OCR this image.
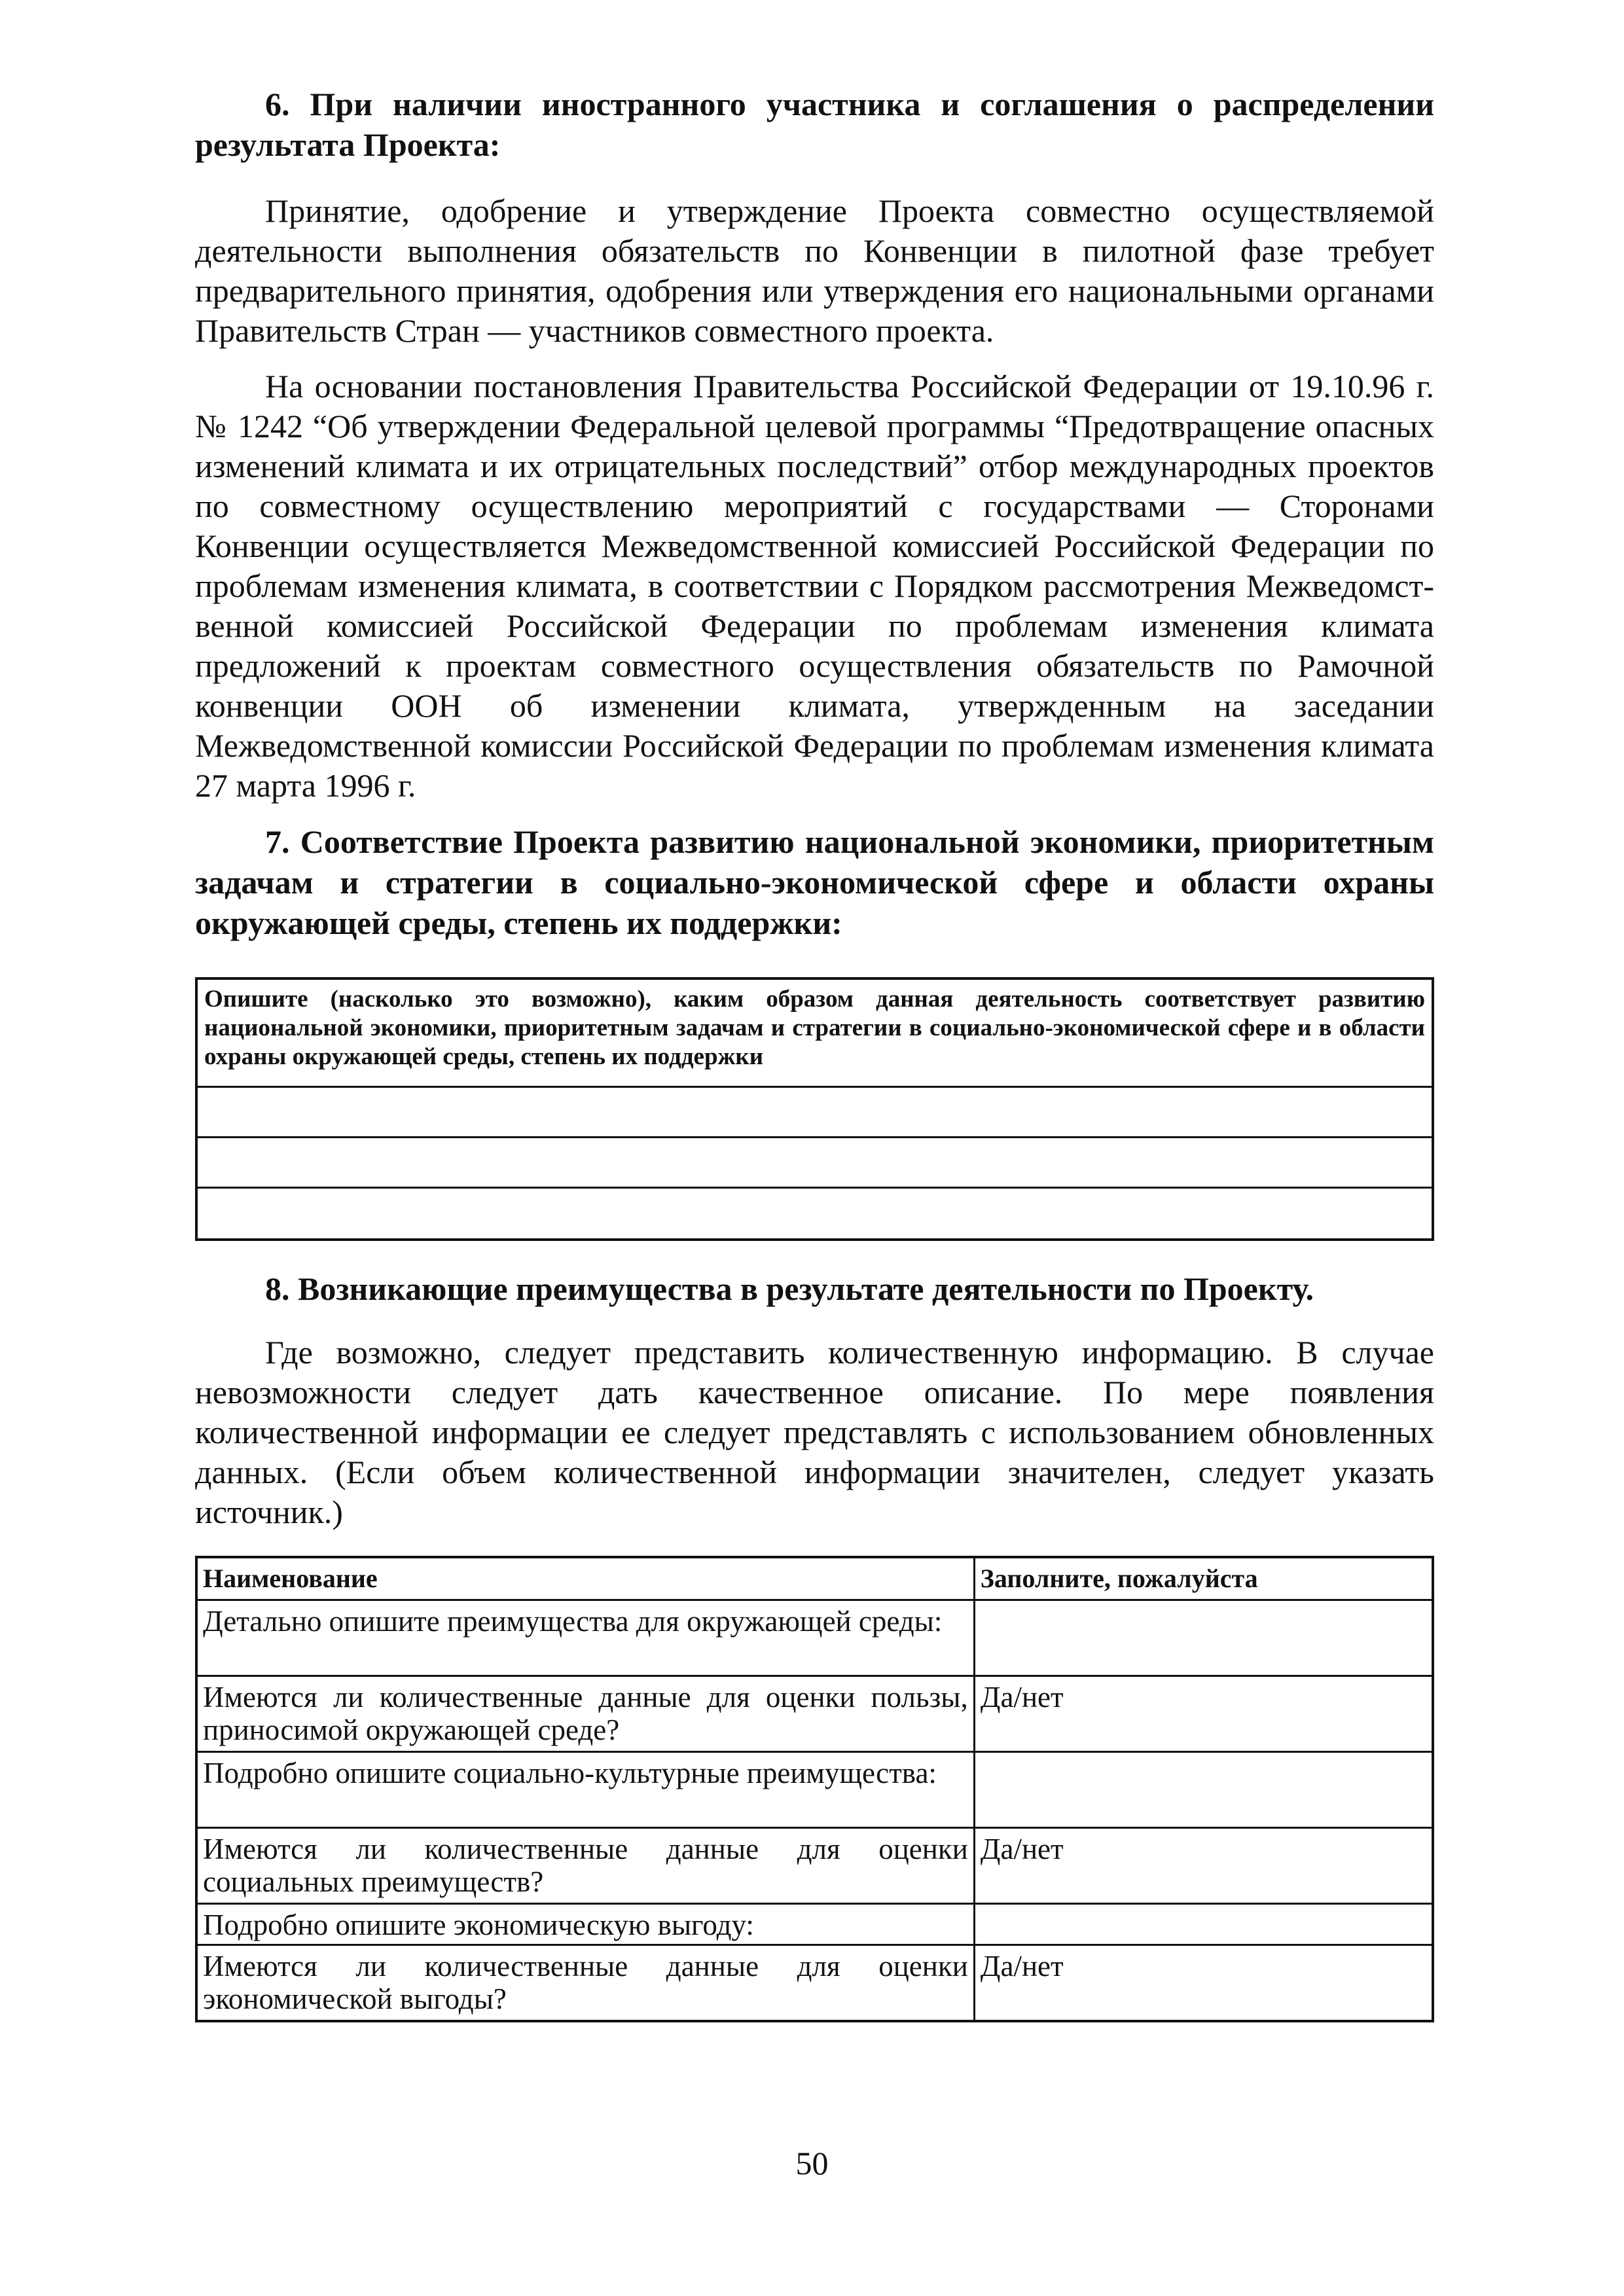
6. При наличии иностранного участника и соглашения о распределении результата Проекта:

Принятие, одобрение и утверждение Проекта совместно осуществляемой деятельности выполнения обязательств по Конвенции в пилотной фазе требует предварительного принятия, одобрения или утверждения его национальными органами Правительств Стран — участников совместного проекта.

На основании постановления Правительства Российской Федерации от 19.10.96 г. № 1242 “Об утверждении Федеральной целевой программы “Предотвращение опасных изменений климата и их отрицательных последствий” отбор международных проектов по совместному осуществлению мероприятий с государствами — Сторонами Конвенции осуществляется Межведомственной комиссией Российской Федерации по проблемам изменения климата, в соответствии с Порядком рассмотрения Межведомственной комиссией Российской Федерации по проблемам изменения климата предложений к проектам совместного осуществления обязательств по Рамочной конвенции ООН об изменении климата, утвержденным на заседании Межведомственной комиссии Российской Федерации по проблемам изменения климата 27 марта 1996 г.

7. Соответствие Проекта развитию национальной экономики, приоритетным задачам и стратегии в социально-экономической сфере и области охраны окружающей среды, степень их поддержки:

Опишите (насколько это возможно), каким образом данная деятельность соответствует развитию национальной экономики, приоритетным задачам и стратегии в социально-экономической сфере и в области охраны окружающей среды, степень их поддержки

8. Возникающие преимущества в результате деятельности по Проекту.

Где возможно, следует представить количественную информацию. В случае невозможности следует дать качественное описание. По мере появления количественной информации ее следует представлять с использованием обновленных данных. (Если объем количественной информации значителен, следует указать источник.)

Наименование	Заполните, пожалуйста
Детально опишите преимущества для окружающей среды:	
Имеются ли количественные данные для оценки пользы, приносимой окружающей среде?	Да/нет
Подробно опишите социально-культурные преимущества:	
Имеются ли количественные данные для оценки социальных преимуществ?	Да/нет
Подробно опишите экономическую выгоду:	
Имеются ли количественные данные для оценки экономической выгоды?	Да/нет
50
